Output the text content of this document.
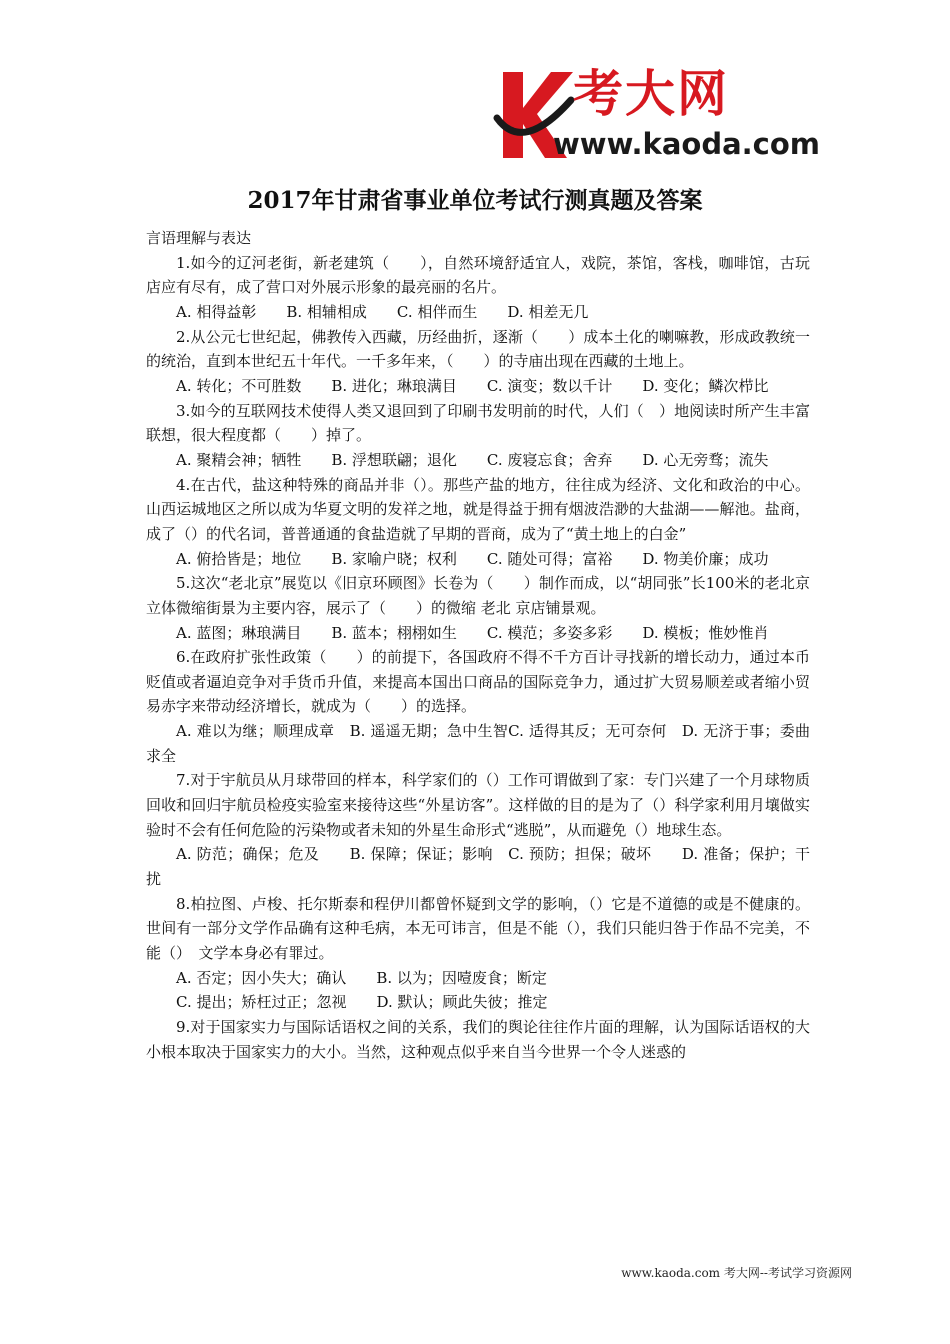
考大网
www.kaoda.com
2017年甘肃省事业单位考试行测真题及答案

言语理解与表达

1.如今的辽河老街，新老建筑（　　），自然环境舒适宜人，戏院，茶馆，客栈，咖啡馆，古玩店应有尽有，成了营口对外展示形象的最亮丽的名片。

A. 相得益彰　　B. 相辅相成　　C. 相伴而生　　D. 相差无几

2.从公元七世纪起，佛教传入西藏，历经曲折，逐渐（　　）成本土化的喇嘛教，形成政教统一的统治，直到本世纪五十年代。一千多年来，（　　）的寺庙出现在西藏的土地上。

A. 转化；不可胜数　　B. 进化；琳琅满目　　C. 演变；数以千计　　D. 变化；鳞次栉比

3.如今的互联网技术使得人类又退回到了印刷书发明前的时代，人们（　）地阅读时所产生丰富联想，很大程度都（　　）掉了。

A. 聚精会神；牺牲　　B. 浮想联翩；退化　　C. 废寝忘食；舍弃　　D. 心无旁骛；流失

4.在古代，盐这种特殊的商品并非（）。那些产盐的地方，往往成为经济、文化和政治的中心。山西运城地区之所以成为华夏文明的发祥之地，就是得益于拥有烟波浩渺的大盐湖——解池。盐商，成了（）的代名词，普普通通的食盐造就了早期的晋商，成为了“黄土地上的白金”

A. 俯拾皆是；地位　　B. 家喻户晓；权利　　C. 随处可得；富裕　　D. 物美价廉；成功

5.这次“老北京”展览以《旧京环顾图》长卷为（　　）制作而成，以“胡同张”长100米的老北京立体微缩街景为主要内容，展示了（　　）的微缩 老北 京店铺景观。

A. 蓝图；琳琅满目　　B. 蓝本；栩栩如生　　C. 模范；多姿多彩　　D. 模板；惟妙惟肖

6.在政府扩张性政策（　　）的前提下，各国政府不得不千方百计寻找新的增长动力，通过本币贬值或者逼迫竞争对手货币升值，来提高本国出口商品的国际竞争力，通过扩大贸易顺差或者缩小贸易赤字来带动经济增长，就成为（　　）的选择。

A. 难以为继；顺理成章　B. 遥遥无期；急中生智C. 适得其反；无可奈何　D. 无济于事；委曲求全

7.对于宇航员从月球带回的样本，科学家们的（）工作可谓做到了家：专门兴建了一个月球物质回收和回归宇航员检疫实验室来接待这些“外星访客”。这样做的目的是为了（）科学家利用月壤做实验时不会有任何危险的污染物或者未知的外星生命形式“逃脱”，从而避免（）地球生态。

A. 防范；确保；危及　　B. 保障；保证；影响　C. 预防；担保；破坏　　D. 准备；保护；干扰

8.柏拉图、卢梭、托尔斯泰和程伊川都曾怀疑到文学的影响，（）它是不道德的或是不健康的。世间有一部分文学作品确有这种毛病，本无可讳言，但是不能（），我们只能归咎于作品不完美，不能（）　文学本身必有罪过。

A. 否定；因小失大；确认　　B. 以为；因噎废食；断定

C. 提出；矫枉过正；忽视　　D. 默认；顾此失彼；推定

9.对于国家实力与国际话语权之间的关系，我们的舆论往往作片面的理解，认为国际话语权的大小根本取决于国家实力的大小。当然，这种观点似乎来自当今世界一个令人迷惑的

www.kaoda.com 考大网--考试学习资源网
